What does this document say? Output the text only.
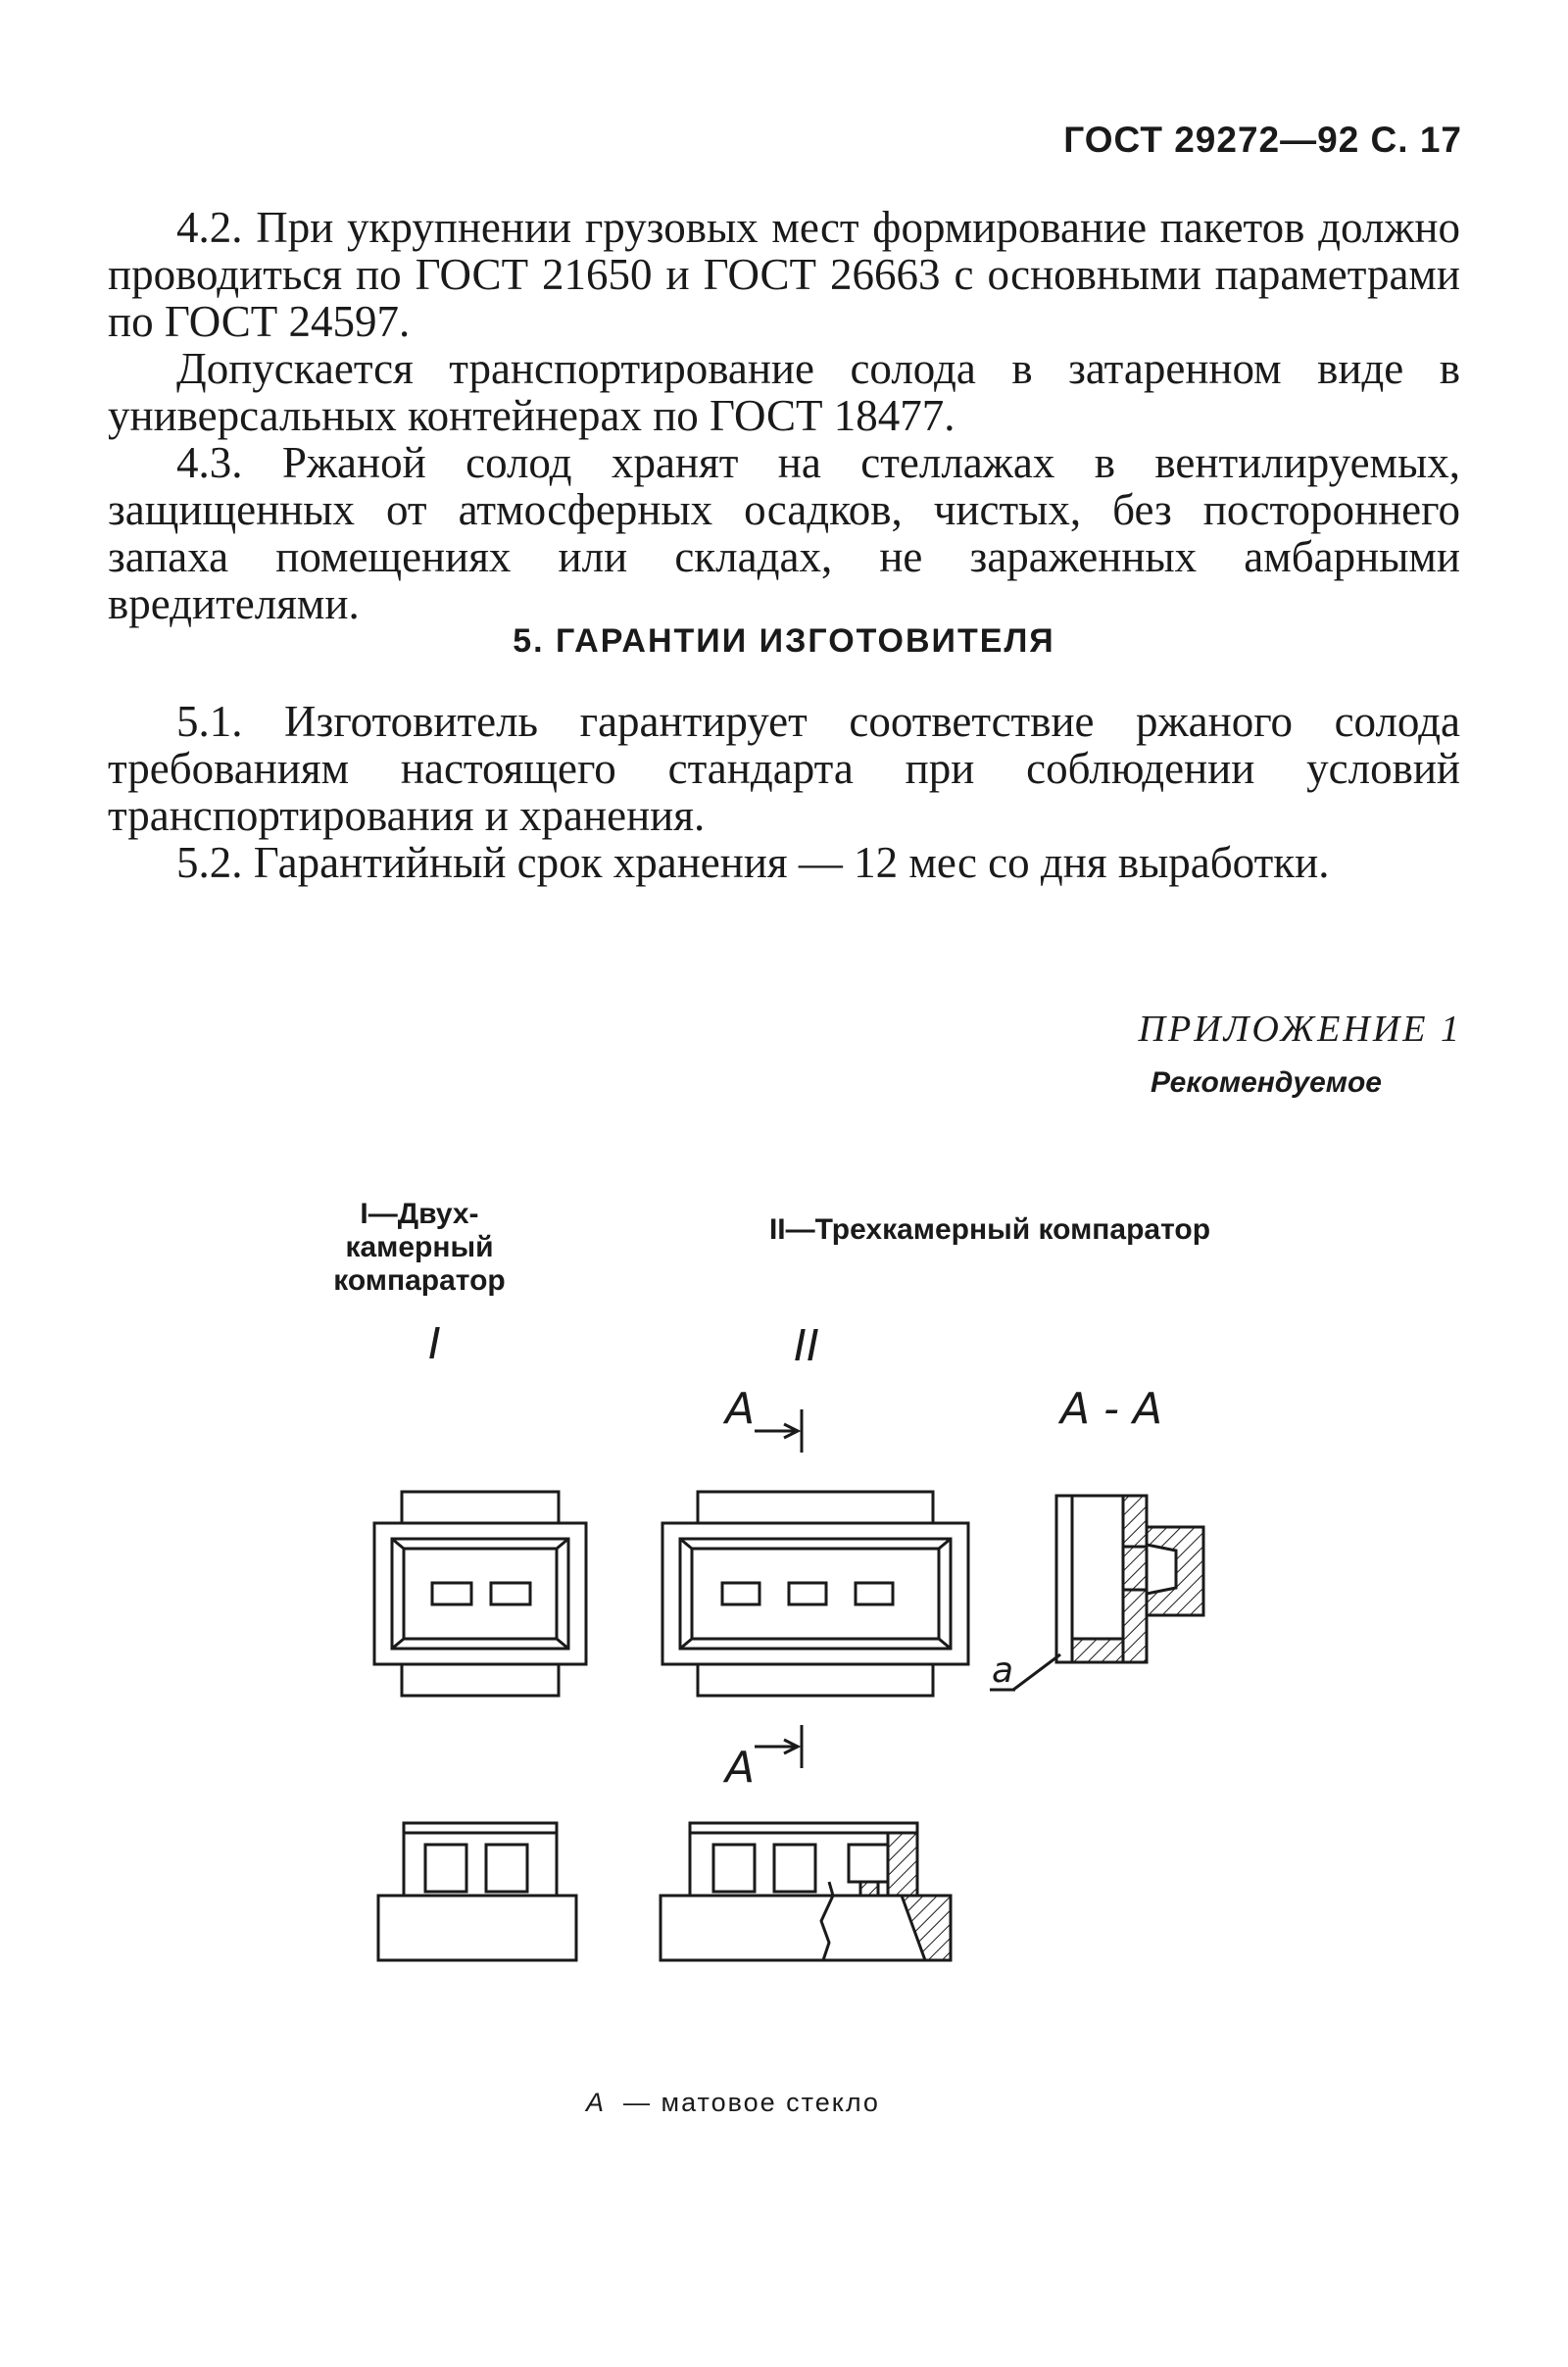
ГОСТ 29272—92 С. 17
4.2. При укрупнении грузовых мест формирование пакетов должно проводиться по ГОСТ 21650 и ГОСТ 26663 с основными параметрами по ГОСТ 24597.
Допускается транспортирование солода в затаренном виде в универсальных контейнерах по ГОСТ 18477.
4.3. Ржаной солод хранят на стеллажах в вентилируемых, защищенных от атмосферных осадков, чистых, без постороннего запаха помещениях или складах, не зараженных амбарными вредителями.
5. ГАРАНТИИ ИЗГОТОВИТЕЛЯ
5.1. Изготовитель гарантирует соответствие ржаного солода требованиям настоящего стандарта при соблюдении условий транспортирования и хранения.
5.2. Гарантийный срок хранения — 12 мес со дня выработки.
ПРИЛОЖЕНИЕ 1
Рекомендуемое
I—Двух-камерный компаратор
II—Трехкамерный компаратор
I	II
А - А
А
А
а
А — матовое стекло
